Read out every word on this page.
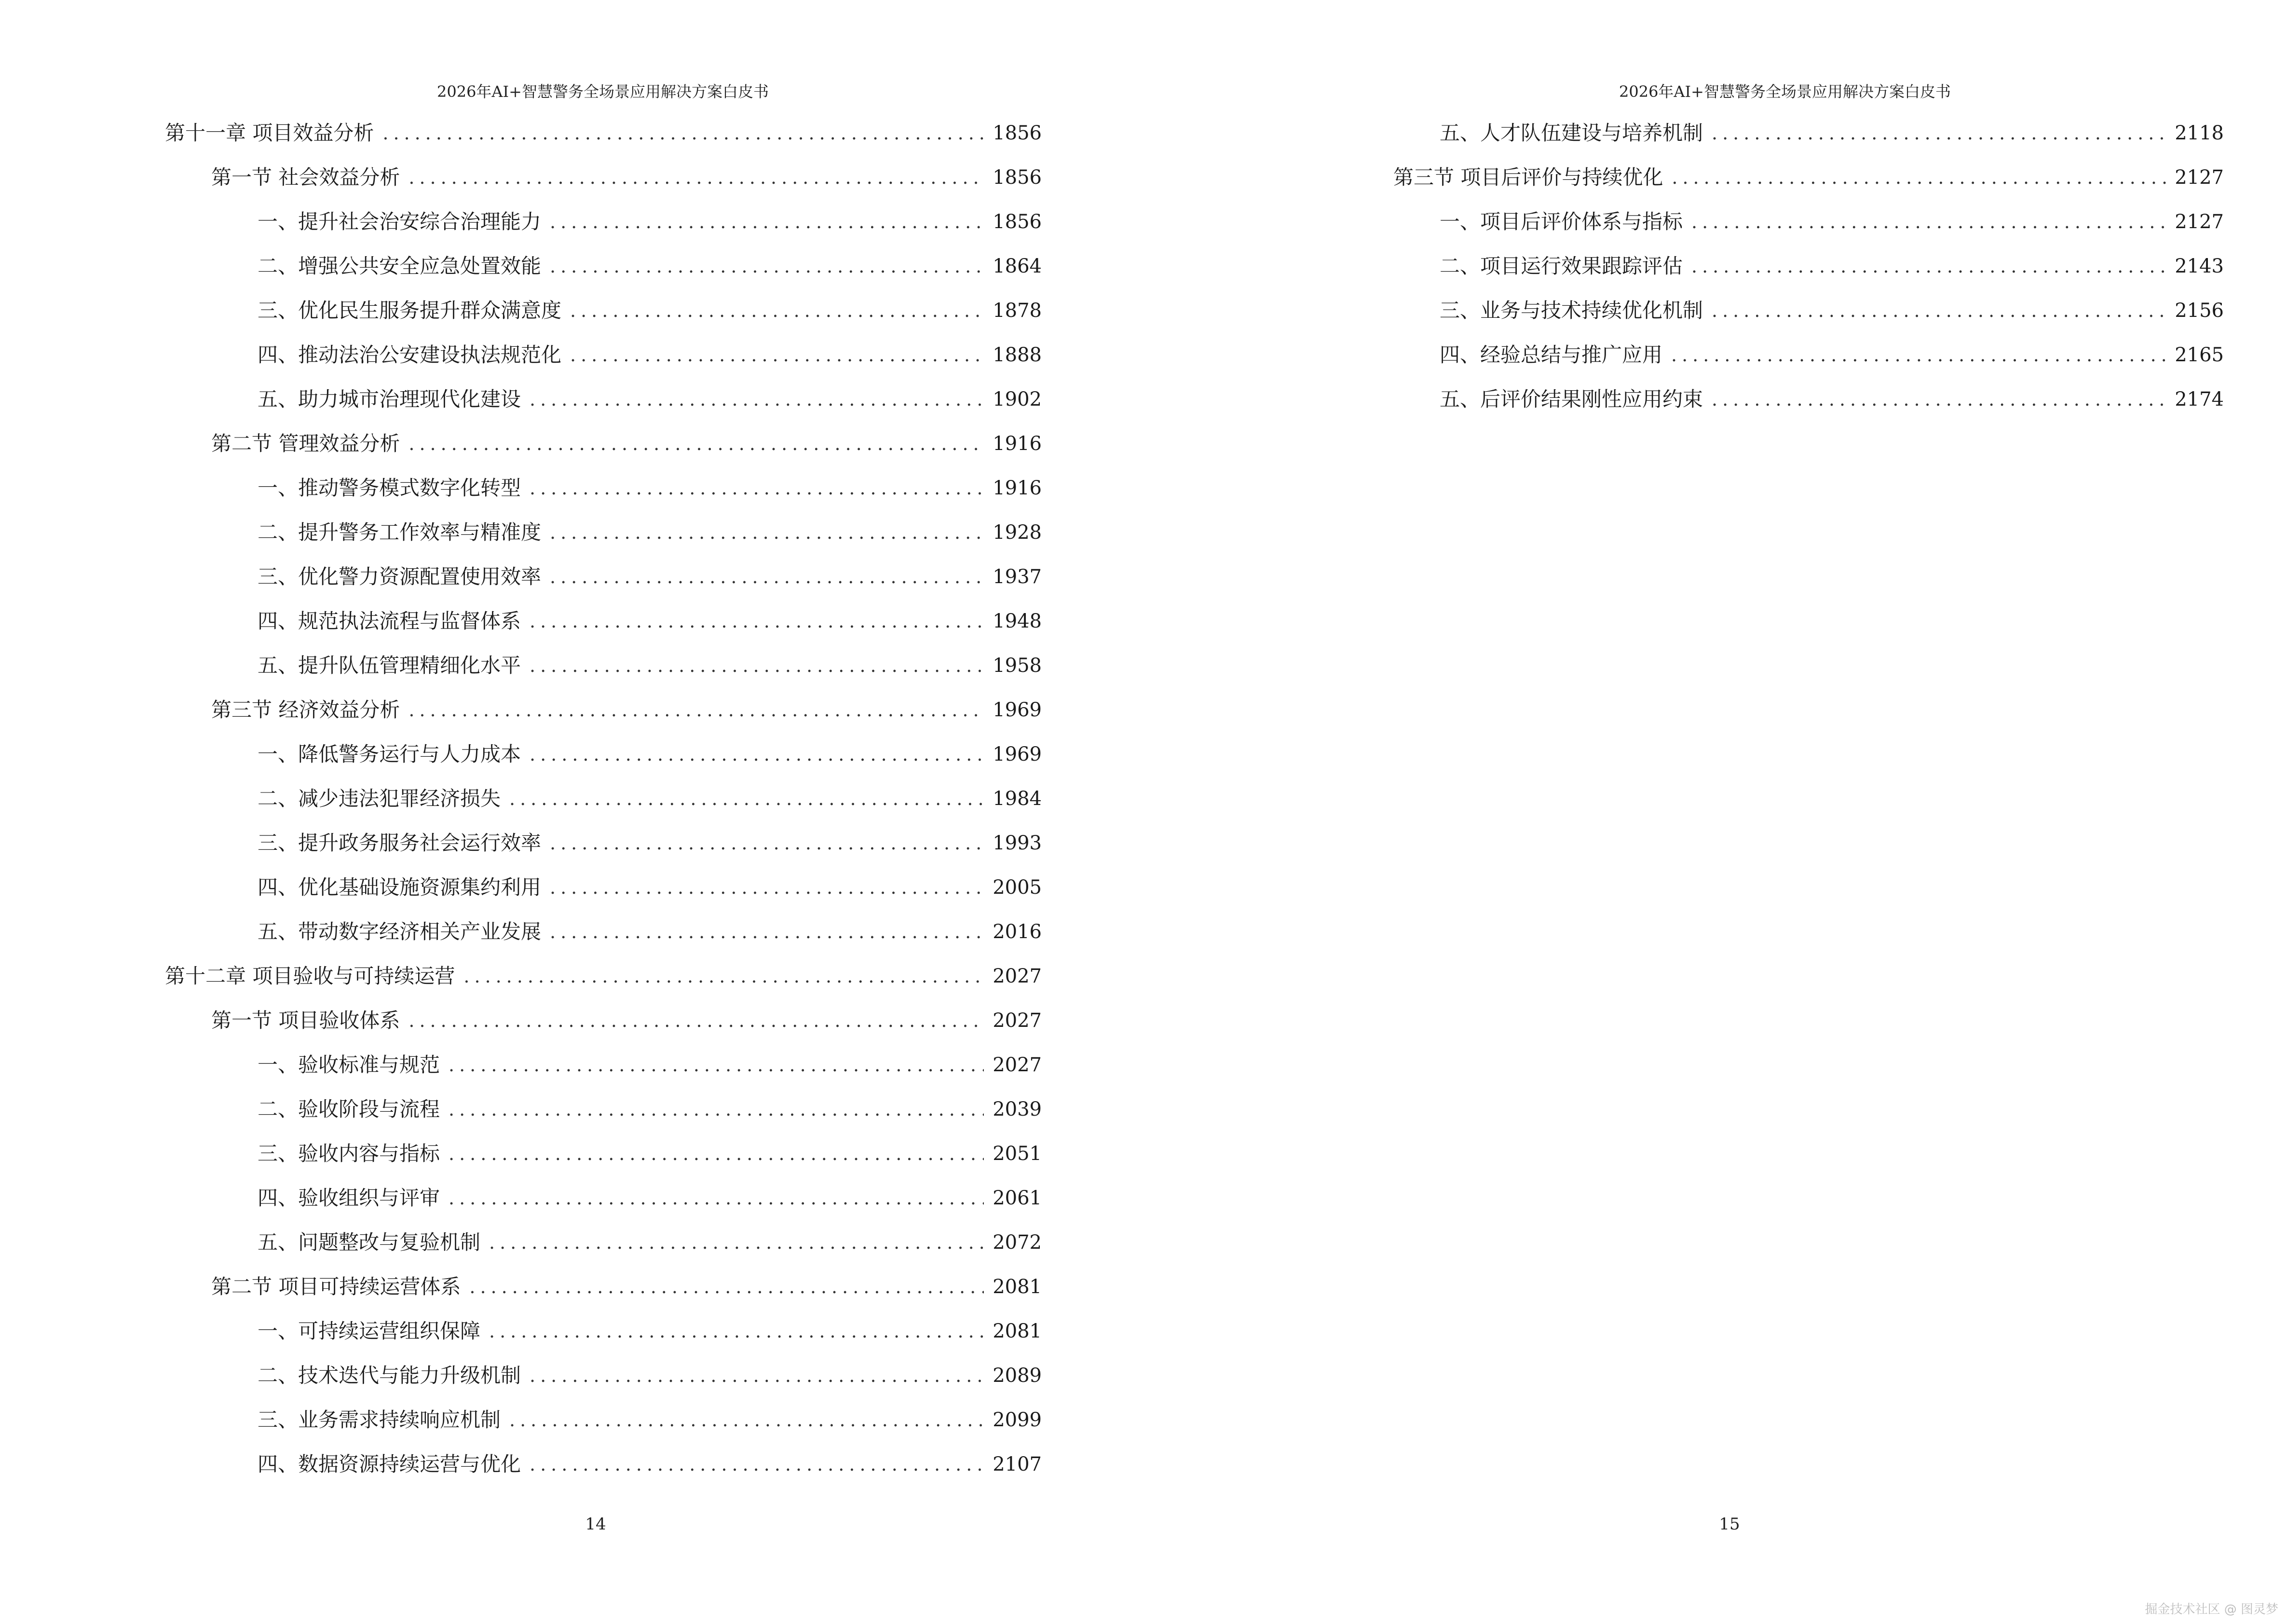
2026年AI+智慧警务全场景应用解决方案白皮书
第十一章 项目效益分析 .....	1856
第一节 社会效益分析 .....	1856
一、提升社会治安综合治理能力 .....	1856
二、增强公共安全应急处置效能 .....	1864
三、优化民生服务提升群众满意度 .....	1878
四、推动法治公安建设执法规范化 .....	1888
五、助力城市治理现代化建设 .....	1902
第二节 管理效益分析 .....	1916
一、推动警务模式数字化转型 .....	1916
二、提升警务工作效率与精准度 .....	1928
三、优化警力资源配置使用效率 .....	1937
四、规范执法流程与监督体系 .....	1948
五、提升队伍管理精细化水平 .....	1958
第三节 经济效益分析 .....	1969
一、降低警务运行与人力成本 .....	1969
二、减少违法犯罪经济损失 .....	1984
三、提升政务服务社会运行效率 .....	1993
四、优化基础设施资源集约利用 .....	2005
五、带动数字经济相关产业发展 .....	2016
第十二章 项目验收与可持续运营 .....	2027
第一节 项目验收体系 .....	2027
一、验收标准与规范 .....	2027
二、验收阶段与流程 .....	2039
三、验收内容与指标 .....	2051
四、验收组织与评审 .....	2061
五、问题整改与复验机制 .....	2072
第二节 项目可持续运营体系 .....	2081
一、可持续运营组织保障 .....	2081
二、技术迭代与能力升级机制 .....	2089
三、业务需求持续响应机制 .....	2099
四、数据资源持续运营与优化 .....	2107
14
2026年AI+智慧警务全场景应用解决方案白皮书
五、人才队伍建设与培养机制 .....	2118
第三节 项目后评价与持续优化 .....	2127
一、项目后评价体系与指标 .....	2127
二、项目运行效果跟踪评估 .....	2143
三、业务与技术持续优化机制 .....	2156
四、经验总结与推广应用 .....	2165
五、后评价结果刚性应用约束 .....	2174
15
掘金技术社区 @ 图灵梦
